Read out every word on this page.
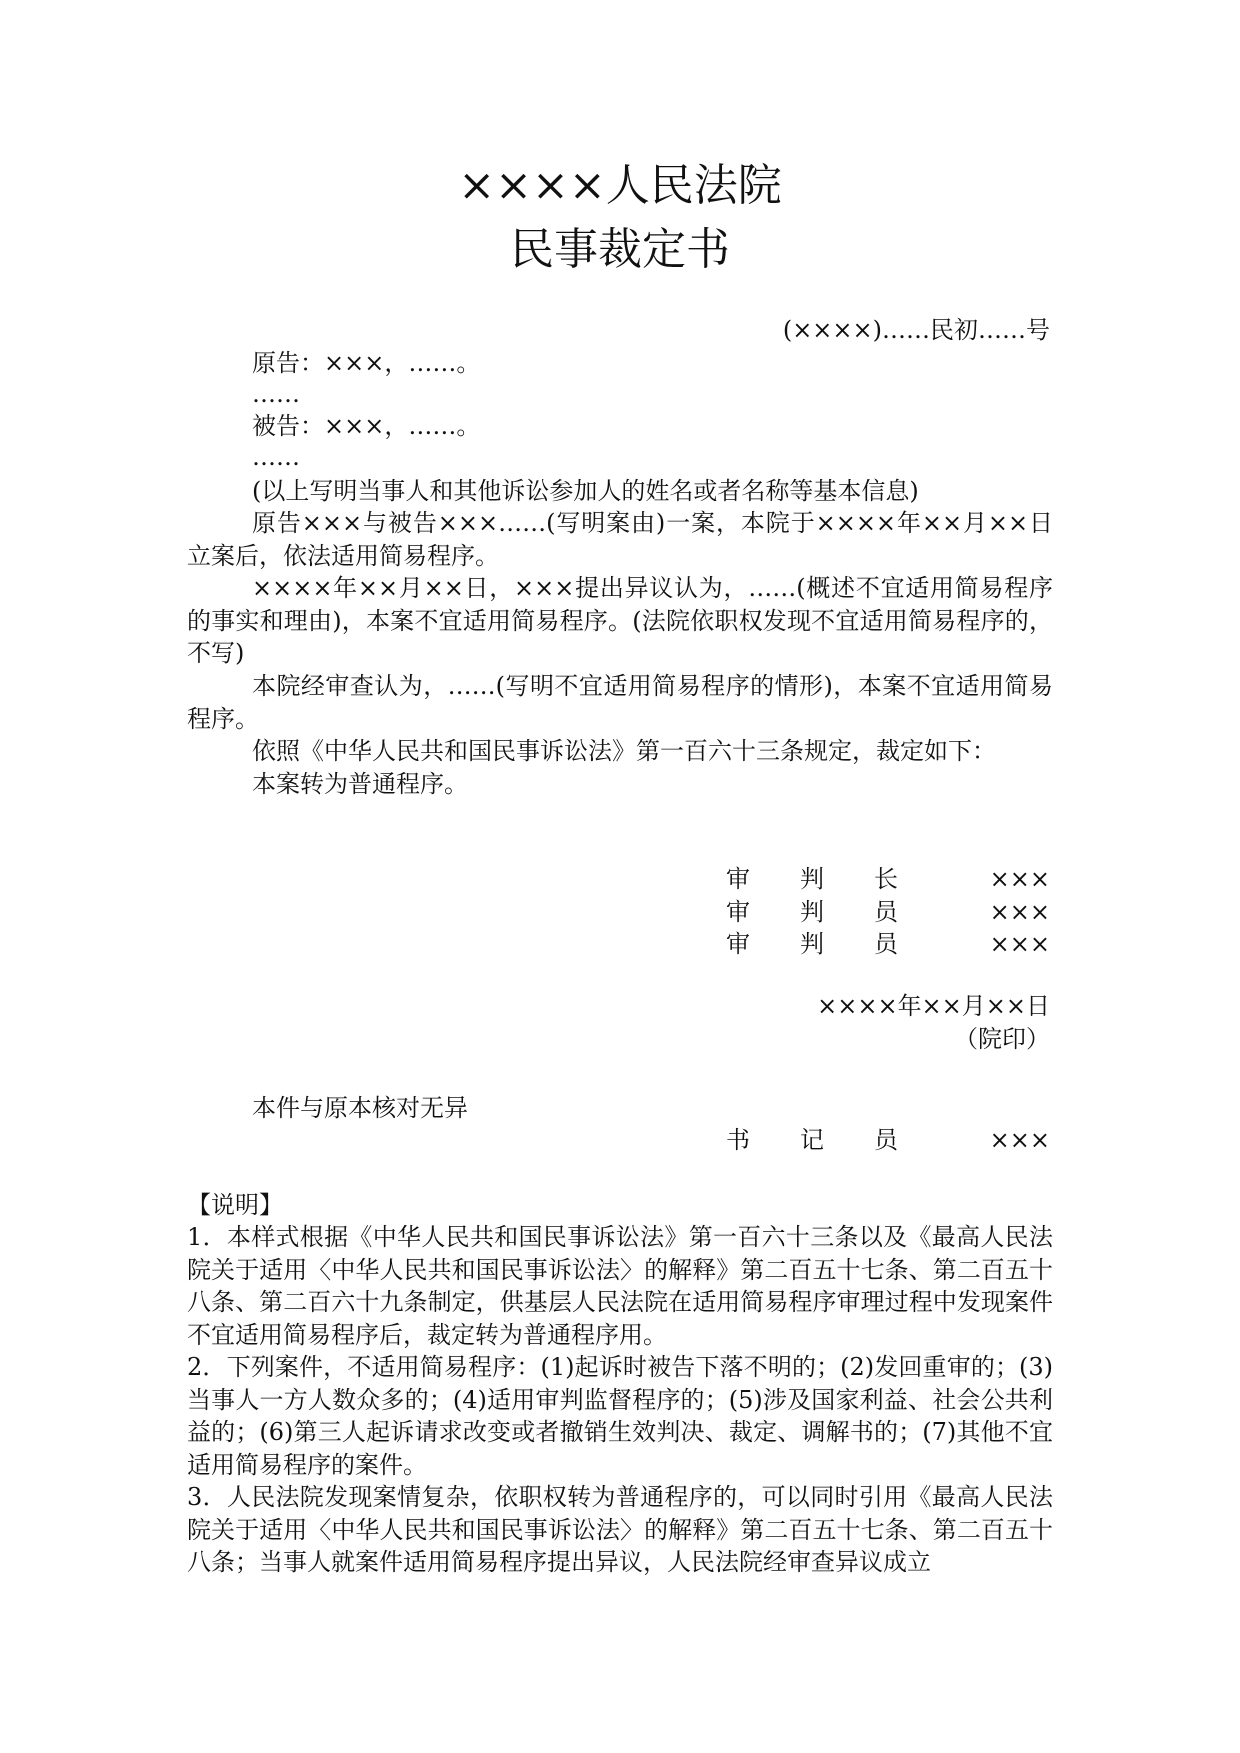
××××人民法院
民事裁定书
(××××)……民初……号
原告：×××，……。
……
被告：×××，……。
……
(以上写明当事人和其他诉讼参加人的姓名或者名称等基本信息)

原告×××与被告×××……(写明案由)一案，本院于××××年××月××日立案后，依法适用简易程序。

××××年××月××日，×××提出异议认为，……(概述不宜适用简易程序的事实和理由)，本案不宜适用简易程序。(法院依职权发现不宜适用简易程序的，不写)

本院经审查认为，……(写明不宜适用简易程序的情形)，本案不宜适用简易程序。

依照《中华人民共和国民事诉讼法》第一百六十三条规定，裁定如下：

本案转为普通程序。

审 判 长	×××
审 判 员	×××
审 判 员	×××
××××年××月××日
（院印）
本件与原本核对无异
书 记 员	×××
【说明】

1．本样式根据《中华人民共和国民事诉讼法》第一百六十三条以及《最高人民法院关于适用〈中华人民共和国民事诉讼法〉的解释》第二百五十七条、第二百五十八条、第二百六十九条制定，供基层人民法院在适用简易程序审理过程中发现案件不宜适用简易程序后，裁定转为普通程序用。

2．下列案件，不适用简易程序：(1)起诉时被告下落不明的；(2)发回重审的；(3)当事人一方人数众多的；(4)适用审判监督程序的；(5)涉及国家利益、社会公共利益的；(6)第三人起诉请求改变或者撤销生效判决、裁定、调解书的；(7)其他不宜适用简易程序的案件。

3．人民法院发现案情复杂，依职权转为普通程序的，可以同时引用《最高人民法院关于适用〈中华人民共和国民事诉讼法〉的解释》第二百五十七条、第二百五十八条；当事人就案件适用简易程序提出异议，人民法院经审查异议成立
